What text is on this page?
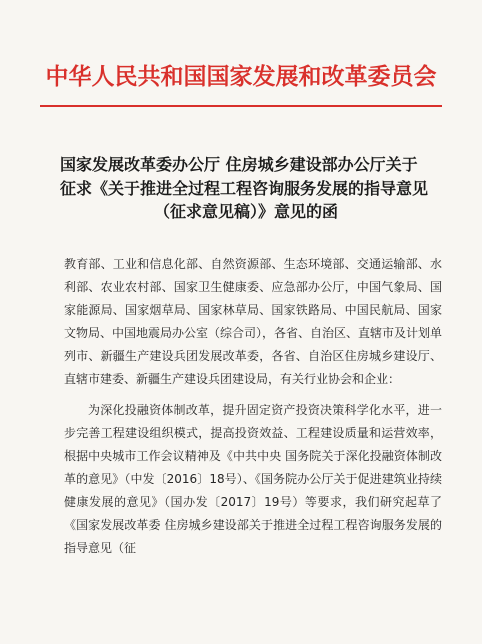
中华人民共和国国家发展和改革委员会
国家发展改革委办公厅 住房城乡建设部办公厅关于
征求《关于推进全过程工程咨询服务发展的指导意见
（征求意见稿）》意见的函

教育部、工业和信息化部、自然资源部、生态环境部、交通运输部、水利部、农业农村部、国家卫生健康委、应急部办公厅，中国气象局、国家能源局、国家烟草局、国家林草局、国家铁路局、中国民航局、国家文物局、中国地震局办公室（综合司），各省、自治区、直辖市及计划单列市、新疆生产建设兵团发展改革委，各省、自治区住房城乡建设厅、直辖市建委、新疆生产建设兵团建设局，有关行业协会和企业：

为深化投融资体制改革，提升固定资产投资决策科学化水平，进一步完善工程建设组织模式，提高投资效益、工程建设质量和运营效率，根据中央城市工作会议精神及《中共中央 国务院关于深化投融资体制改革的意见》（中发〔2016〕18号）、《国务院办公厅关于促进建筑业持续健康发展的意见》（国办发〔2017〕19号）等要求，我们研究起草了《国家发展改革委 住房城乡建设部关于推进全过程工程咨询服务发展的指导意见（征
